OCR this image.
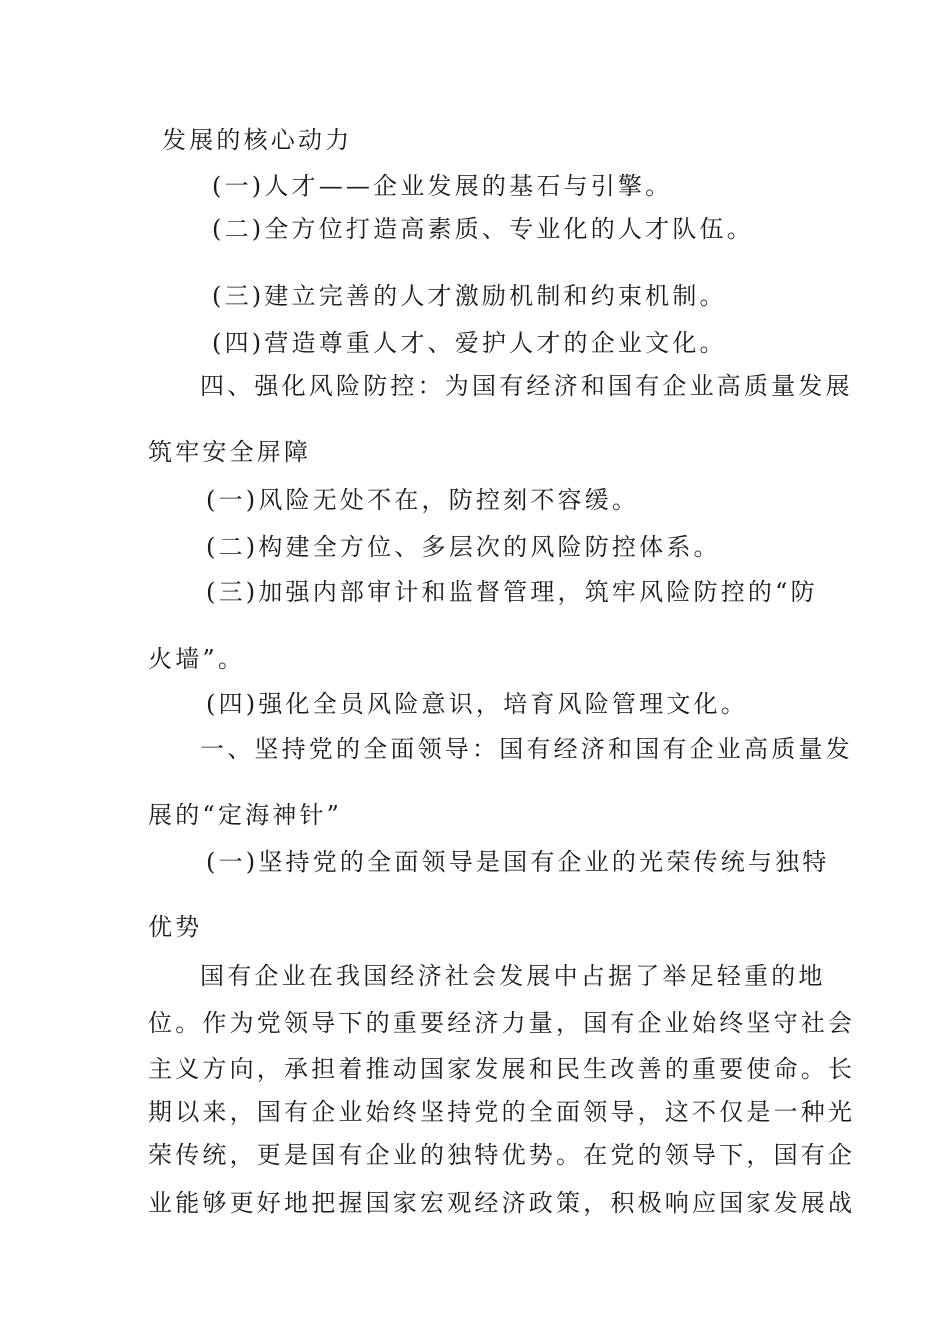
发展的核心动力
(一)人才——企业发展的基石与引擎。
(二)全方位打造高素质、专业化的人才队伍。
(三)建立完善的人才激励机制和约束机制。
(四)营造尊重人才、爱护人才的企业文化。
四、强化风险防控：为国有经济和国有企业高质量发展
筑牢安全屏障
(一)风险无处不在，防控刻不容缓。
(二)构建全方位、多层次的风险防控体系。
(三)加强内部审计和监督管理，筑牢风险防控的“防
火墙”。
(四)强化全员风险意识，培育风险管理文化。
一、坚持党的全面领导：国有经济和国有企业高质量发
展的“定海神针”
(一)坚持党的全面领导是国有企业的光荣传统与独特
优势
国有企业在我国经济社会发展中占据了举足轻重的地
位。作为党领导下的重要经济力量，国有企业始终坚守社会
主义方向，承担着推动国家发展和民生改善的重要使命。长
期以来，国有企业始终坚持党的全面领导，这不仅是一种光
荣传统，更是国有企业的独特优势。在党的领导下，国有企
业能够更好地把握国家宏观经济政策，积极响应国家发展战
